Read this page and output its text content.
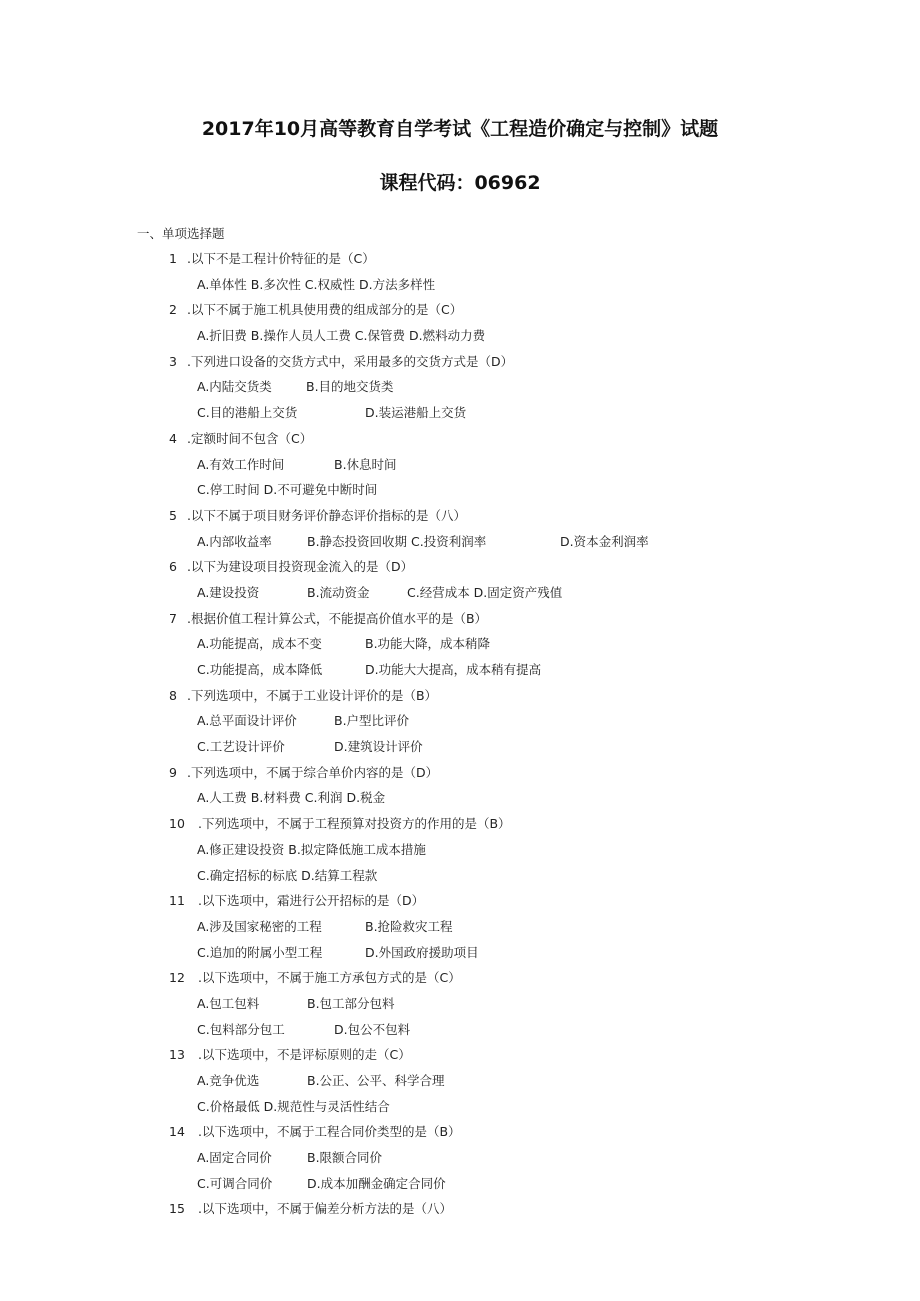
2017年10月高等教育自学考试《工程造价确定与控制》试题
课程代码：06962
一、单项选择题
1 .以下不是工程计价特征的是（C）
A.单体性 B.多次性 C.权威性 D.方法多样性
2 .以下不属于施工机具使用费的组成部分的是（C）
A.折旧费 B.操作人员人工费 C.保管费 D.燃料动力费
3 .下列进口设备的交货方式中，采用最多的交货方式是（D）
A.内陆交货类	B.目的地交货类
C.目的港船上交货	D.装运港船上交货
4 .定额时间不包含（C）
A.有效工作时间	B.休息时间
C.停工时间 D.不可避免中断时间
5 .以下不属于项目财务评价静态评价指标的是（八）
A.内部收益率	B.静态投资回收期 C.投资利润率	D.资本金利润率
6 .以下为建设项目投资现金流入的是（D）
A.建设投资	B.流动资金	C.经营成本 D.固定资产残值
7 .根据价值工程计算公式，不能提高价值水平的是（B）
A.功能提高，成本不变	B.功能大降，成本稍降
C.功能提高，成本降低	D.功能大大提高，成本稍有提高
8 .下列选项中，不属于工业设计评价的是（B）
A.总平面设计评价	B.户型比评价
C.工艺设计评价	D.建筑设计评价
9 .下列选项中，不属于综合单价内容的是（D）
A.人工费 B.材料费 C.利润 D.税金
10	.下列选项中，不属于工程预算对投资方的作用的是（B）
A.修正建设投资 B.拟定降低施工成本措施
C.确定招标的标底 D.结算工程款
11	.以下选项中，霜进行公开招标的是（D）
A.涉及国家秘密的工程	B.抢险救灾工程
C.追加的附属小型工程	D.外国政府援助项目
12	.以下选项中，不属于施工方承包方式的是（C）
A.包工包料	B.包工部分包料
C.包料部分包工	D.包公不包料
13	.以下选项中，不是评标原则的走（C）
A.竞争优选	B.公正、公平、科学合理
C.价格最低 D.规范性与灵活性结合
14	.以下选项中，不属于工程合同价类型的是（B）
A.固定合同价	B.限额合同价
C.可调合同价	D.成本加酬金确定合同价
15	.以下选项中，不属于偏差分析方法的是（八）
